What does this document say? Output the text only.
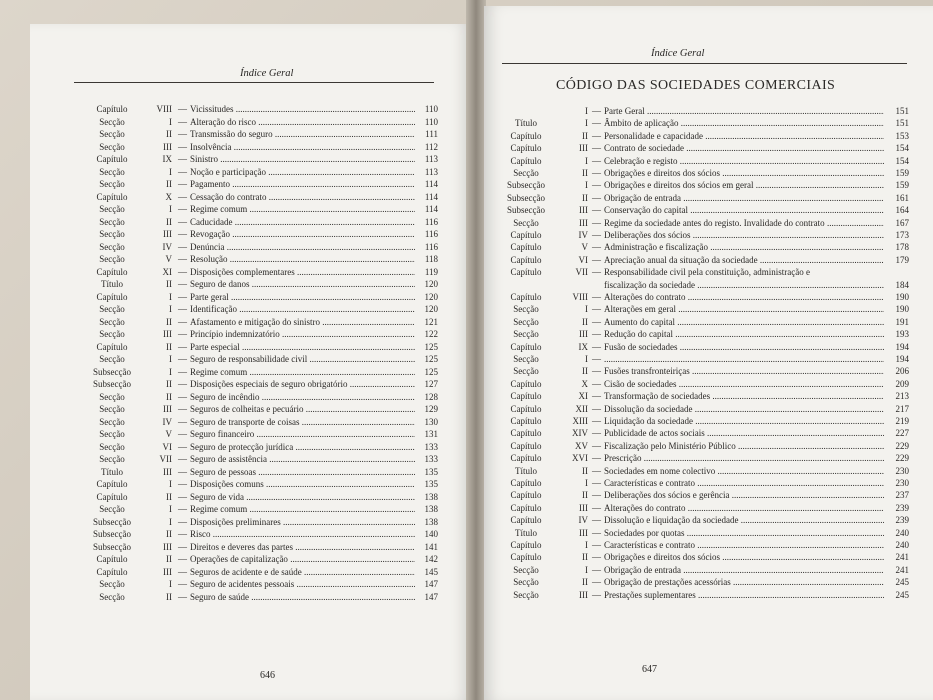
Índice Geral
Capítulo	VIII Vicissitudes .....	110
—
Secção	I Alteração do risco .....	110
—
Secção	II Transmissão do seguro .....	111
—
Secção	III Insolvência .....	112
—
Capítulo	IX Sinistro .....	113
—
Secção	I Noção e participação .....	113
—
Secção	II Pagamento .....	114
—
Capítulo	X Cessação do contrato .....	114
—
Secção	I Regime comum .....	114
—
Secção	II Caducidade .....	116
—
Secção	III Revogação .....	116
—
Secção	IV Denúncia .....	116
—
Secção	V Resolução .....	118
—
Capítulo	XI Disposições complementares .....	119
—
Título	II Seguro de danos .....	120
—
Capítulo	I Parte geral .....	120
—
Secção	I Identificação .....	120
—
Secção	II Afastamento e mitigação do sinistro .....	121
—
Secção	III Princípio indemnizatório .....	122
—
Capítulo	II Parte especial .....	125
—
Secção	I Seguro de responsabilidade civil .....	125
—
Subsecção	I Regime comum .....	125
—
Subsecção	II Disposições especiais de seguro obrigatório .....	127
—
Secção	II Seguro de incêndio .....	128
—
Secção	III Seguros de colheitas e pecuário .....	129
—
Secção	IV Seguro de transporte de coisas .....	130
—
Secção	V Seguro financeiro .....	131
—
Secção	VI Seguro de protecção jurídica .....	133
—
Secção	VII Seguro de assistência .....	133
—
Título	III Seguro de pessoas .....	135
—
Capítulo	I Disposições comuns .....	135
—
Capítulo	II Seguro de vida .....	138
—
Secção	I Regime comum .....	138
—
Subsecção	I Disposições preliminares .....	138
—
Subsecção	II Risco .....	140
—
Subsecção	III Direitos e deveres das partes .....	141
—
Capítulo	II Operações de capitalização .....	142
—
Capítulo	III Seguros de acidente e de saúde .....	145
—
Secção	I Seguro de acidentes pessoais .....	147
—
Secção	II Seguro de saúde .....	147
—
646
Índice Geral
CÓDIGO DAS SOCIEDADES COMERCIAIS
I Parte Geral .....	151
—
Título	I Âmbito de aplicação .....	151
—
Capítulo	II Personalidade e capacidade .....	153
—
Capítulo	III Contrato de sociedade .....	154
—
Capítulo	I Celebração e registo .....	154
—
Secção	II Obrigações e direitos dos sócios .....	159
—
Subsecção	I Obrigações e direitos dos sócios em geral .....	159
—
Subsecção	II Obrigação de entrada .....	161
—
Subsecção	III Conservação do capital .....	164
—
Secção	III Regime da sociedade antes do registo. Invalidade do contrato .....	167
—
Capítulo	IV Deliberações dos sócios .....	173
—
Capítulo	V Administração e fiscalização .....	178
—
Capítulo	VI Apreciação anual da situação da sociedade .....	179
—
Capítulo	VII Responsabilidade civil pela constituição, administração e
—
fiscalização da sociedade .....	184
Capítulo	VIII Alterações do contrato .....	190
—
Secção	I Alterações em geral .....	190
—
Secção	II Aumento do capital .....	191
—
Secção	III Redução do capital .....	193
—
Capítulo	IX Fusão de sociedades .....	194
—
Secção	I .....	194
—
Secção	II Fusões transfronteiriças .....	206
—
Capítulo	X Cisão de sociedades .....	209
—
Capítulo	XI Transformação de sociedades .....	213
—
Capítulo	XII Dissolução da sociedade .....	217
—
Capítulo	XIII Liquidação da sociedade .....	219
—
Capítulo	XIV Publicidade de actos sociais .....	227
—
Capítulo	XV Fiscalização pelo Ministério Público .....	229
—
Capítulo	XVI Prescrição .....	229
—
Título	II Sociedades em nome colectivo .....	230
—
Capítulo	I Características e contrato .....	230
—
Capítulo	II Deliberações dos sócios e gerência .....	237
—
Capítulo	III Alterações do contrato .....	239
—
Capítulo	IV Dissolução e liquidação da sociedade .....	239
—
Título	III Sociedades por quotas .....	240
—
Capítulo	I Características e contrato .....	240
—
Capítulo	II Obrigações e direitos dos sócios .....	241
—
Secção	I Obrigação de entrada .....	241
—
Secção	II Obrigação de prestações acessórias .....	245
—
Secção	III Prestações suplementares .....	245
—
647
